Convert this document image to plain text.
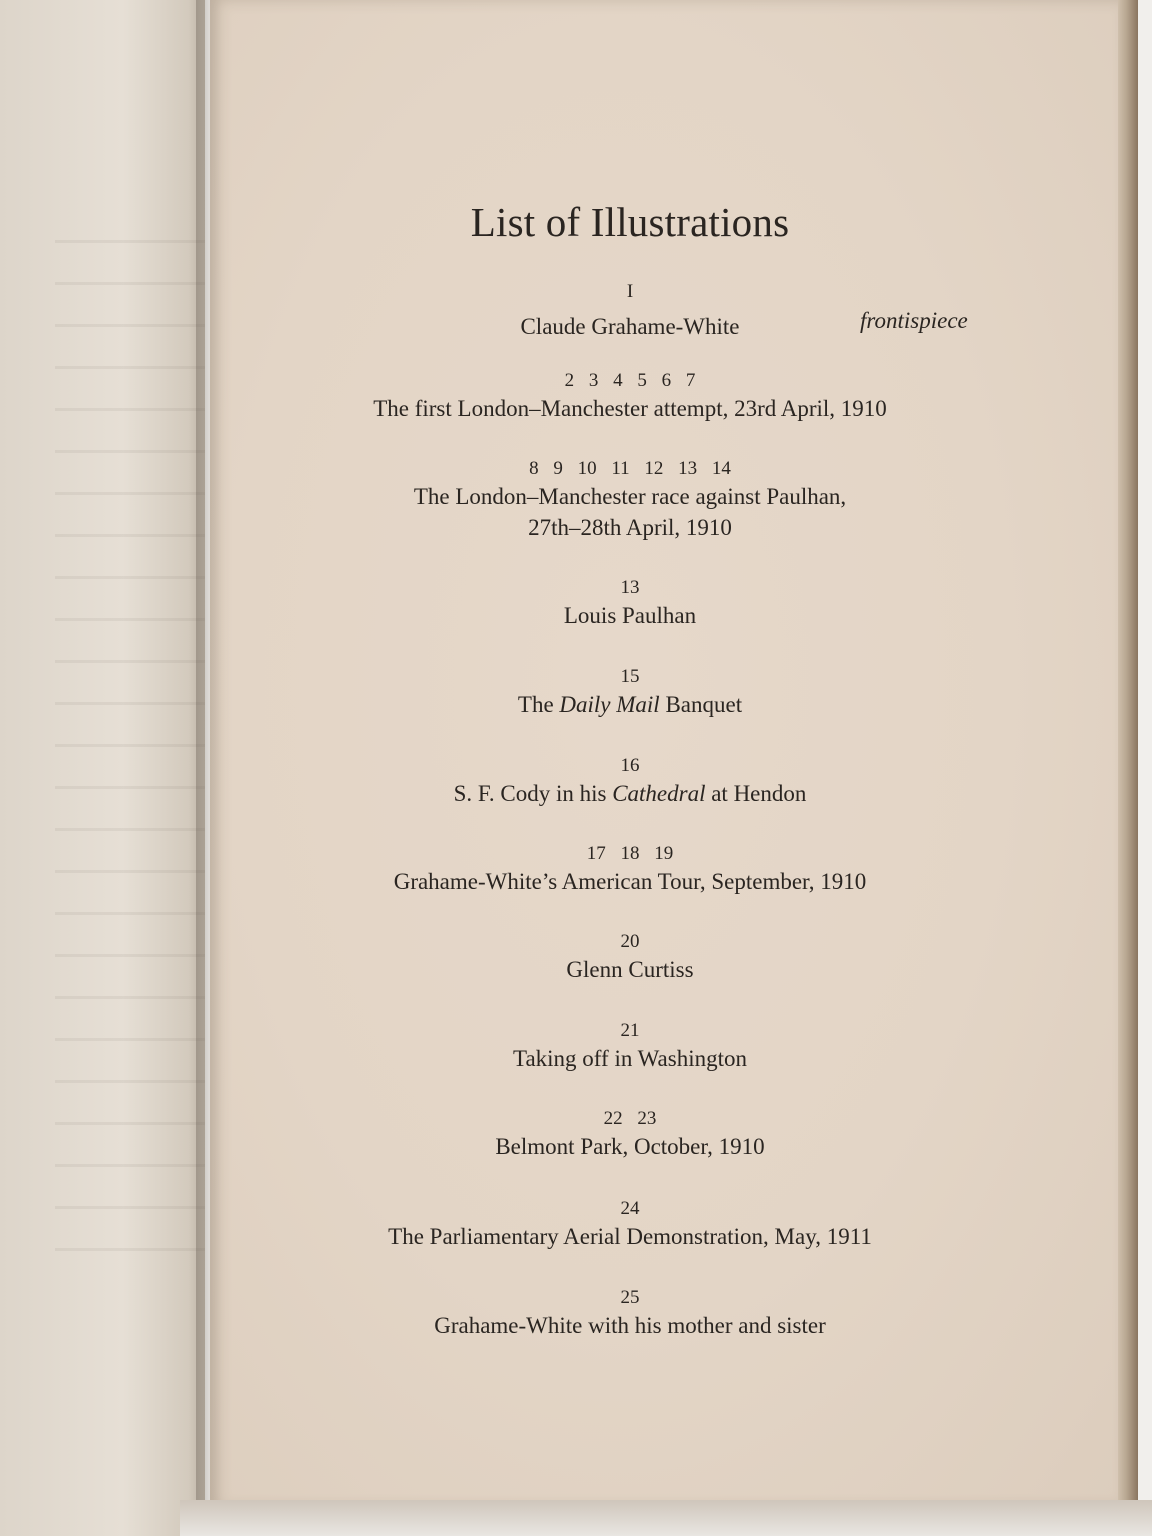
List of Illustrations
I
Claude Grahame-White
2 3 4 5 6 7
The first London–Manchester attempt, 23rd April, 1910
8 9 10 11 12 13 14
The London–Manchester race against Paulhan,
27th–28th April, 1910
13
Louis Paulhan
15
The Daily Mail Banquet
16
S. F. Cody in his Cathedral at Hendon
17 18 19
Grahame-White’s American Tour, September, 1910
20
Glenn Curtiss
21
Taking off in Washington
22 23
Belmont Park, October, 1910
24
The Parliamentary Aerial Demonstration, May, 1911
25
Grahame-White with his mother and sister
frontispiece
